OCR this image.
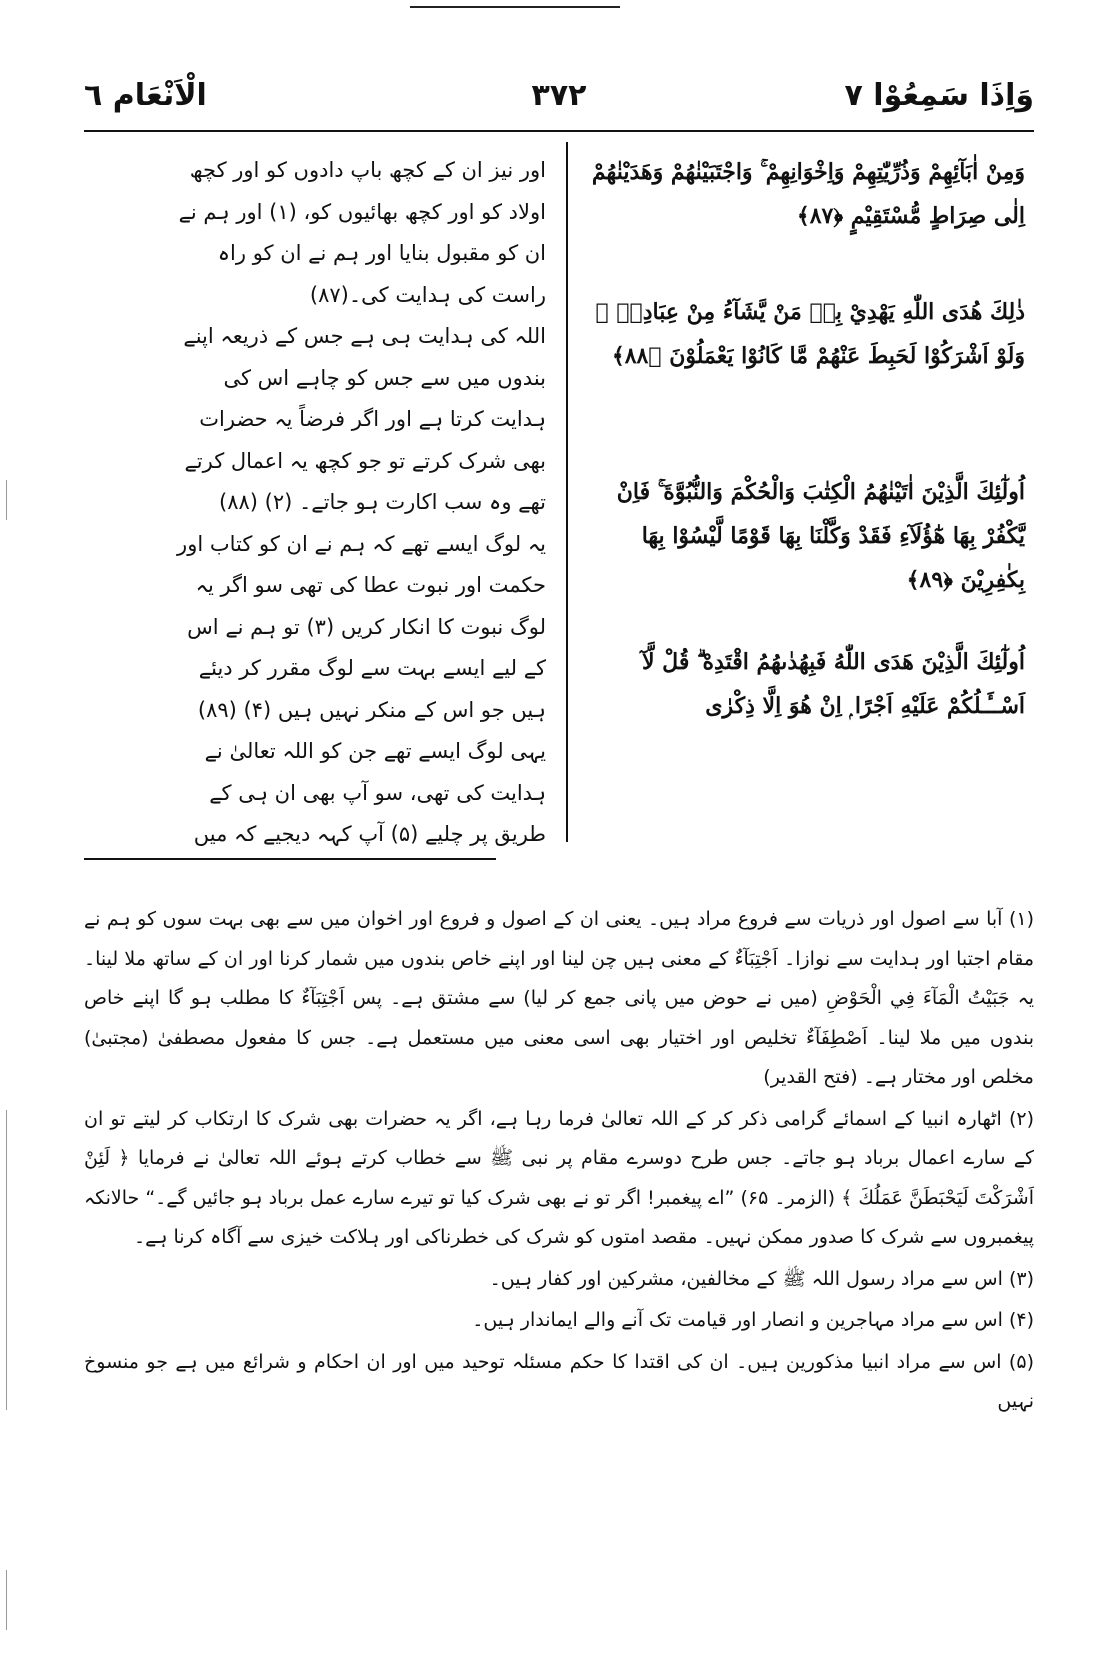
وَاِذَا سَمِعُوْا ٧
٣٧٢
الْاَنْعَام ٦

وَمِنْ اٰبَآئِهِمْ وَذُرِّيّٰتِهِمْ وَاِخْوَانِهِمْ ۚ وَاجْتَبَيْنٰهُمْ وَهَدَيْنٰهُمْ اِلٰى صِرَاطٍ مُّسْتَقِيْمٍ ﴿٨٧﴾

ذٰلِكَ هُدَى اللّٰهِ يَهْدِيْ بِهٖ مَنْ يَّشَآءُ مِنْ عِبَادِهٖ ۚ وَلَوْ اَشْرَكُوْا لَحَبِطَ عَنْهُمْ مَّا كَانُوْا يَعْمَلُوْنَ ﴿٨٨﴾

اُولٰٓئِكَ الَّذِيْنَ اٰتَيْنٰهُمُ الْكِتٰبَ وَالْحُكْمَ وَالنُّبُوَّةَ ۚ فَاِنْ يَّكْفُرْ بِهَا هٰٓؤُلَآءِ فَقَدْ وَكَّلْنَا بِهَا قَوْمًا لَّيْسُوْا بِهَا بِكٰفِرِيْنَ ﴿٨٩﴾

اُولٰٓئِكَ الَّذِيْنَ هَدَى اللّٰهُ فَبِهُدٰىهُمُ اقْتَدِهْ ۗ قُلْ لَّآ اَسْــَٔـلُكُمْ عَلَيْهِ اَجْرًا ۭ اِنْ هُوَ اِلَّا ذِكْرٰى

اور نیز ان کے کچھ باپ دادوں کو اور کچھ اولاد کو اور کچھ بھائیوں کو، (۱) اور ہم نے ان کو مقبول بنایا اور ہم نے ان کو راہ راست کی ہدایت کی۔(۸۷)

اللہ کی ہدایت ہی ہے جس کے ذریعہ اپنے بندوں میں سے جس کو چاہے اس کی ہدایت کرتا ہے اور اگر فرضاً یہ حضرات بھی شرک کرتے تو جو کچھ یہ اعمال کرتے تھے وہ سب اکارت ہو جاتے۔ (۲) (۸۸)

یہ لوگ ایسے تھے کہ ہم نے ان کو کتاب اور حکمت اور نبوت عطا کی تھی سو اگر یہ لوگ نبوت کا انکار کریں (۳) تو ہم نے اس کے لیے ایسے بہت سے لوگ مقرر کر دیئے ہیں جو اس کے منکر نہیں ہیں (۴) (۸۹)

یہی لوگ ایسے تھے جن کو اللہ تعالیٰ نے ہدایت کی تھی، سو آپ بھی ان ہی کے طریق پر چلیے (۵) آپ کہہ دیجیے کہ میں

(۱) آبا سے اصول اور ذریات سے فروع مراد ہیں۔ یعنی ان کے اصول و فروع اور اخوان میں سے بھی بہت سوں کو ہم نے مقام اجتبا اور ہدایت سے نوازا۔ اَجْتِبَآءٌ کے معنی ہیں چن لینا اور اپنے خاص بندوں میں شمار کرنا اور ان کے ساتھ ملا لینا۔ یہ جَبَيْتُ الْمَآءَ فِي الْحَوْضِ (میں نے حوض میں پانی جمع کر لیا) سے مشتق ہے۔ پس اَجْتِبَآءٌ کا مطلب ہو گا اپنے خاص بندوں میں ملا لینا۔ اَصْطِفَآءٌ تخلیص اور اختیار بھی اسی معنی میں مستعمل ہے۔ جس کا مفعول مصطفیٰ (مجتبیٰ) مخلص اور مختار ہے۔ (فتح القدیر)

(۲) اٹھارہ انبیا کے اسمائے گرامی ذکر کر کے اللہ تعالیٰ فرما رہا ہے، اگر یہ حضرات بھی شرک کا ارتکاب کر لیتے تو ان کے سارے اعمال برباد ہو جاتے۔ جس طرح دوسرے مقام پر نبی ﷺ سے خطاب کرتے ہوئے اللہ تعالیٰ نے فرمایا ﴿ لَئِنْ اَشْرَكْتَ لَيَحْبَطَنَّ عَمَلُكَ ﴾ (الزمر۔ ۶۵) ”اے پیغمبر! اگر تو نے بھی شرک کیا تو تیرے سارے عمل برباد ہو جائیں گے۔“ حالانکہ پیغمبروں سے شرک کا صدور ممکن نہیں۔ مقصد امتوں کو شرک کی خطرناکی اور ہلاکت خیزی سے آگاہ کرنا ہے۔

(۳) اس سے مراد رسول اللہ ﷺ کے مخالفین، مشرکین اور کفار ہیں۔

(۴) اس سے مراد مہاجرین و انصار اور قیامت تک آنے والے ایماندار ہیں۔

(۵) اس سے مراد انبیا مذکورین ہیں۔ ان کی اقتدا کا حکم مسئلہ توحید میں اور ان احکام و شرائع میں ہے جو منسوخ نہیں
